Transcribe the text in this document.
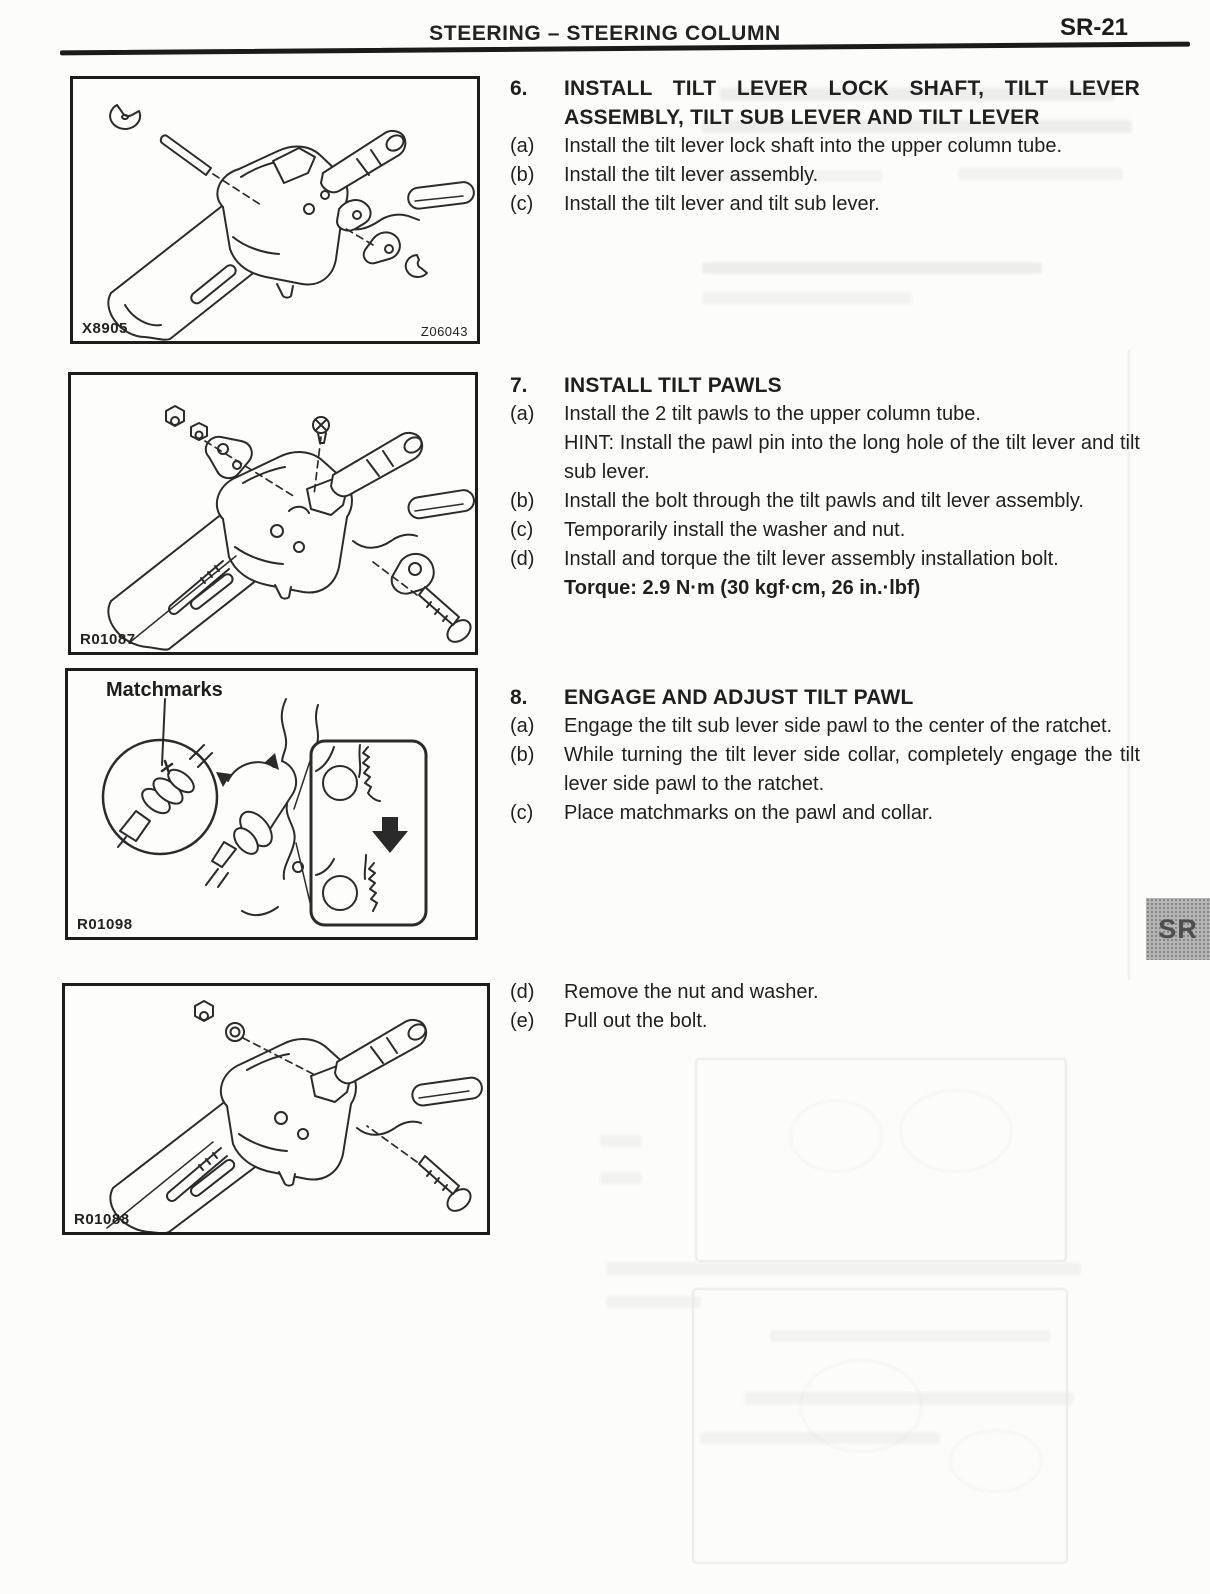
STEERING – STEERING COLUMN	SR-21
X8905	Z06043
R01087
Matchmarks
R01098
R01088
6.	INSTALL TILT LEVER LOCK SHAFT, TILT LEVER ASSEMBLY, TILT SUB LEVER AND TILT LEVER
(a)	Install the tilt lever lock shaft into the upper column tube.

(b)	Install the tilt lever assembly.

(c)	Install the tilt lever and tilt sub lever.

7.	INSTALL TILT PAWLS
(a)	Install the 2 tilt pawls to the upper column tube.

HINT: Install the pawl pin into the long hole of the tilt lever and tilt sub lever.

(b)	Install the bolt through the tilt pawls and tilt lever assembly.

(c)	Temporarily install the washer and nut.

(d)	Install and torque the tilt lever assembly installation bolt.

Torque: 2.9 N·m (30 kgf·cm, 26 in.·lbf)

8.	ENGAGE AND ADJUST TILT PAWL
(a)	Engage the tilt sub lever side pawl to the center of the ratchet.

(b)	While turning the tilt lever side collar, completely engage the tilt lever side pawl to the ratchet.

(c)	Place matchmarks on the pawl and collar.

(d)	Remove the nut and washer.

(e)	Pull out the bolt.

SR
